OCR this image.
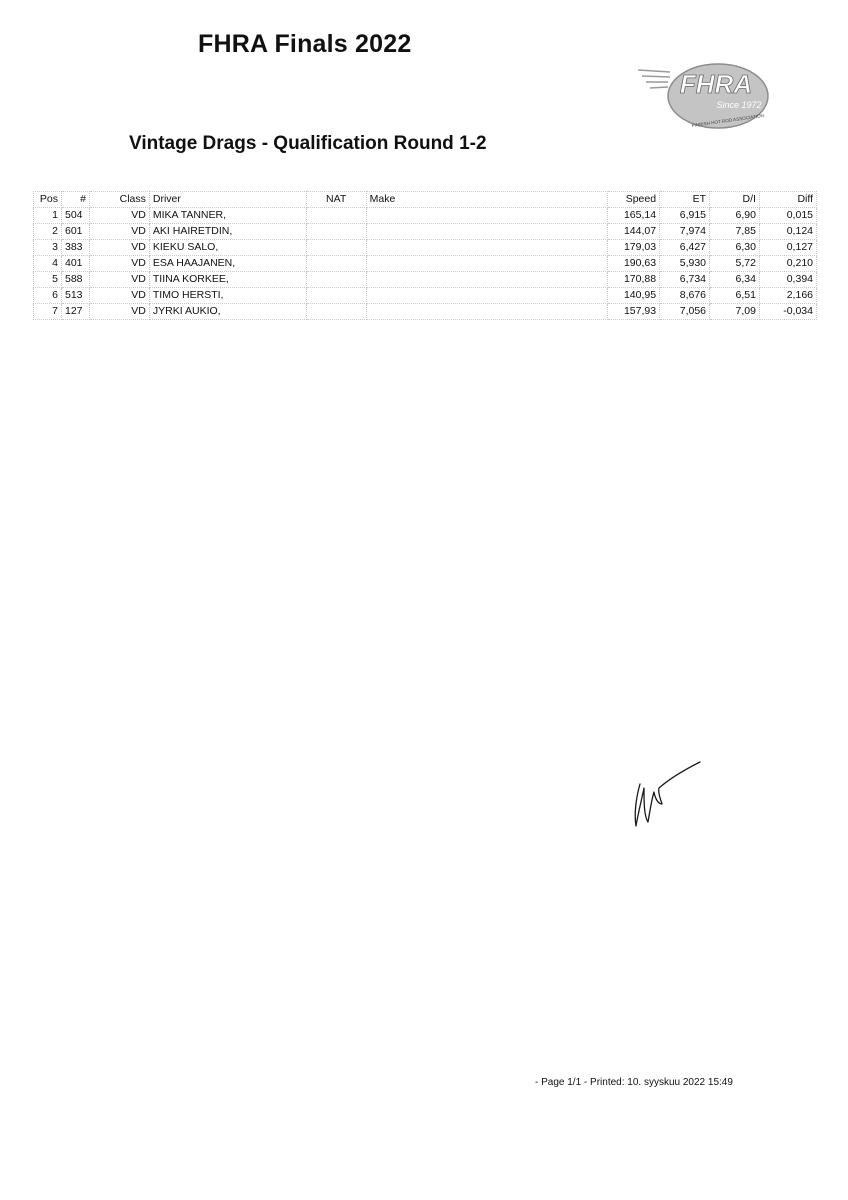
FHRA Finals 2022
FHRA
Since 1972
FINNISH HOT ROD ASSOCIATION
Vintage Drags - Qualification Round 1-2
Pos	#	Class	Driver	NAT	Make	Speed	ET	D/I	Diff
1	504	VD	MIKA TANNER,			165,14	6,915	6,90	0,015
2	601	VD	AKI HAIRETDIN,			144,07	7,974	7,85	0,124
3	383	VD	KIEKU SALO,			179,03	6,427	6,30	0,127
4	401	VD	ESA HAAJANEN,			190,63	5,930	5,72	0,210
5	588	VD	TIINA KORKEE,			170,88	6,734	6,34	0,394
6	513	VD	TIMO HERSTI,			140,95	8,676	6,51	2,166
7	127	VD	JYRKI AUKIO,			157,93	7,056	7,09	-0,034
- Page 1/1 - Printed: 10. syyskuu 2022 15:49
